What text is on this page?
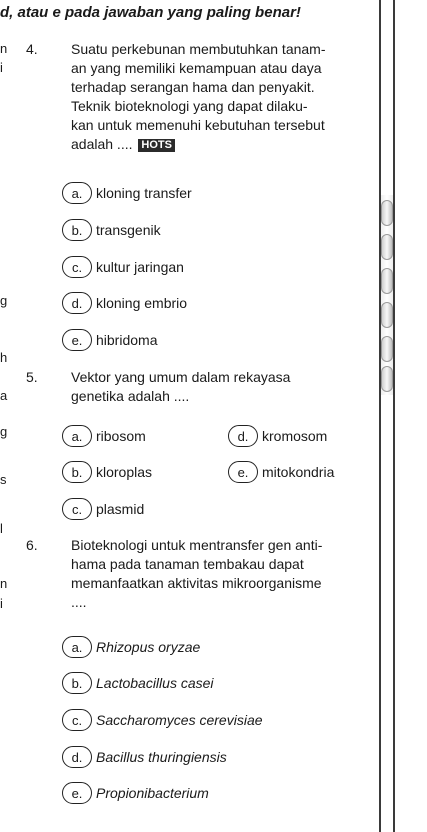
d, atau e pada jawaban yang paling benar!
n
i
g
h
a
g
s
l
n
i
4. Suatu perkebunan membutuhkan tanam-
an yang memiliki kemampuan atau daya
terhadap serangan hama dan penyakit.
Teknik bioteknologi yang dapat dilaku-
kan untuk memenuhi kebutuhan tersebut
adalah .... HOTS
a. kloning transfer
b. transgenik
c. kultur jaringan
d. kloning embrio
e. hibridoma
5. Vektor yang umum dalam rekayasa
genetika adalah ....
a. ribosom
b. kloroplas
c. plasmid
d. kromosom
e. mitokondria
6. Bioteknologi untuk mentransfer gen anti-
hama pada tanaman tembakau dapat
memanfaatkan aktivitas mikroorganisme
....
a. Rhizopus oryzae
b. Lactobacillus casei
c. Saccharomyces cerevisiae
d. Bacillus thuringiensis
e. Propionibacterium
